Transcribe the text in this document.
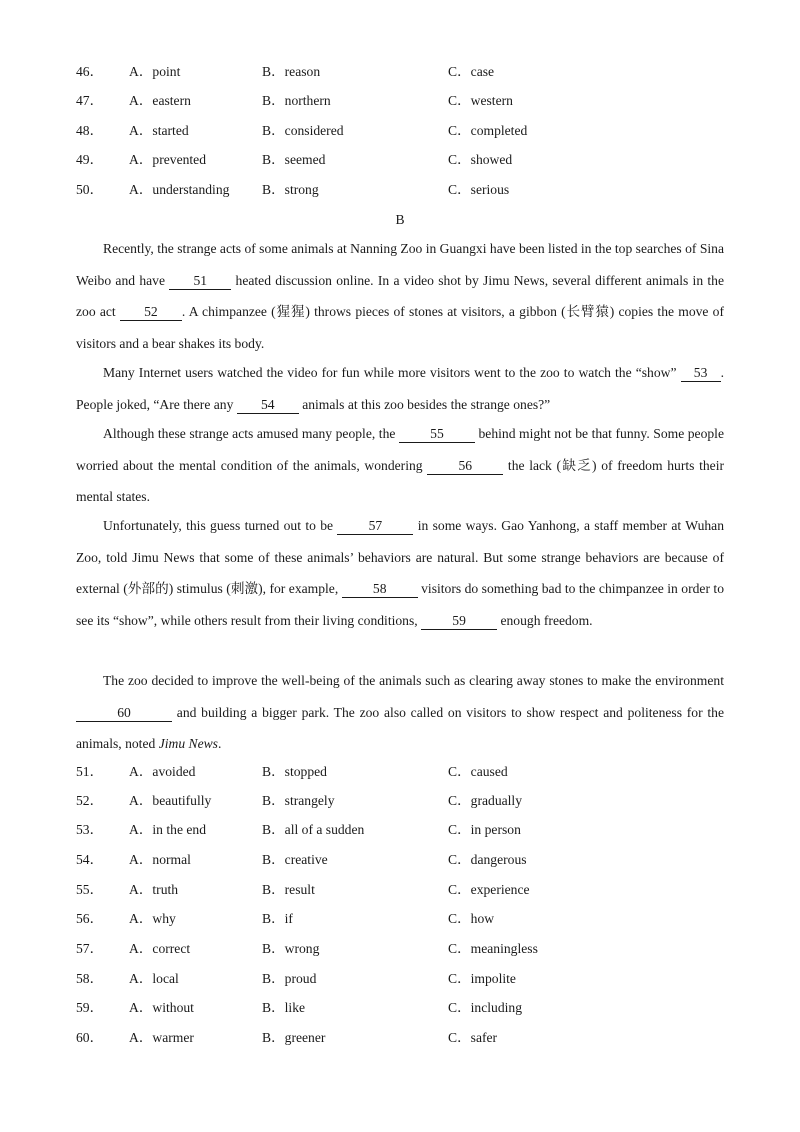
46． A．point	B．reason	C．case
47． A．eastern	B．northern	C．western
48． A．started	B．considered	C．completed
49． A．prevented	B．seemed	C．showed
50． A．understanding B．strong	C．serious
B
Recently, the strange acts of some animals at Nanning Zoo in Guangxi have been listed in the top searches of Sina Weibo and have 51 heated discussion online. In a video shot by Jimu News, several different animals in the zoo act 52 . A chimpanzee (猩猩) throws pieces of stones at visitors, a gibbon (长臂猿) copies the move of visitors and a bear shakes its body.
Many Internet users watched the video for fun while more visitors went to the zoo to watch the “show” 53 . People joked, “Are there any 54 animals at this zoo besides the strange ones?”
Although these strange acts amused many people, the 55 behind might not be that funny. Some people worried about the mental condition of the animals, wondering 56 the lack (缺乏) of freedom hurts their mental states.
Unfortunately, this guess turned out to be 57 in some ways. Gao Yanhong, a staff member at Wuhan Zoo, told Jimu News that some of these animals’ behaviors are natural. But some strange behaviors are because of external (外部的) stimulus (刺激), for example, 58 visitors do something bad to the chimpanzee in order to see its “show”, while others result from their living conditions, 59 enough freedom.
The zoo decided to improve the well-being of the animals such as clearing away stones to make the environment 60	and building a bigger park. The zoo also called on visitors to show respect and politeness for the animals, noted Jimu News.
51． A．avoided	B．stopped	C．caused
52． A．beautifully	B．strangely	C．gradually
53． A．in the end	B．all of a sudden	C．in person
54． A．normal	B．creative	C．dangerous
55． A．truth	B．result	C．experience
56． A．why	B．if	C．how
57． A．correct	B．wrong	C．meaningless
58． A．local	B．proud	C．impolite
59． A．without	B．like	C．including
60． A．warmer	B．greener	C．safer
